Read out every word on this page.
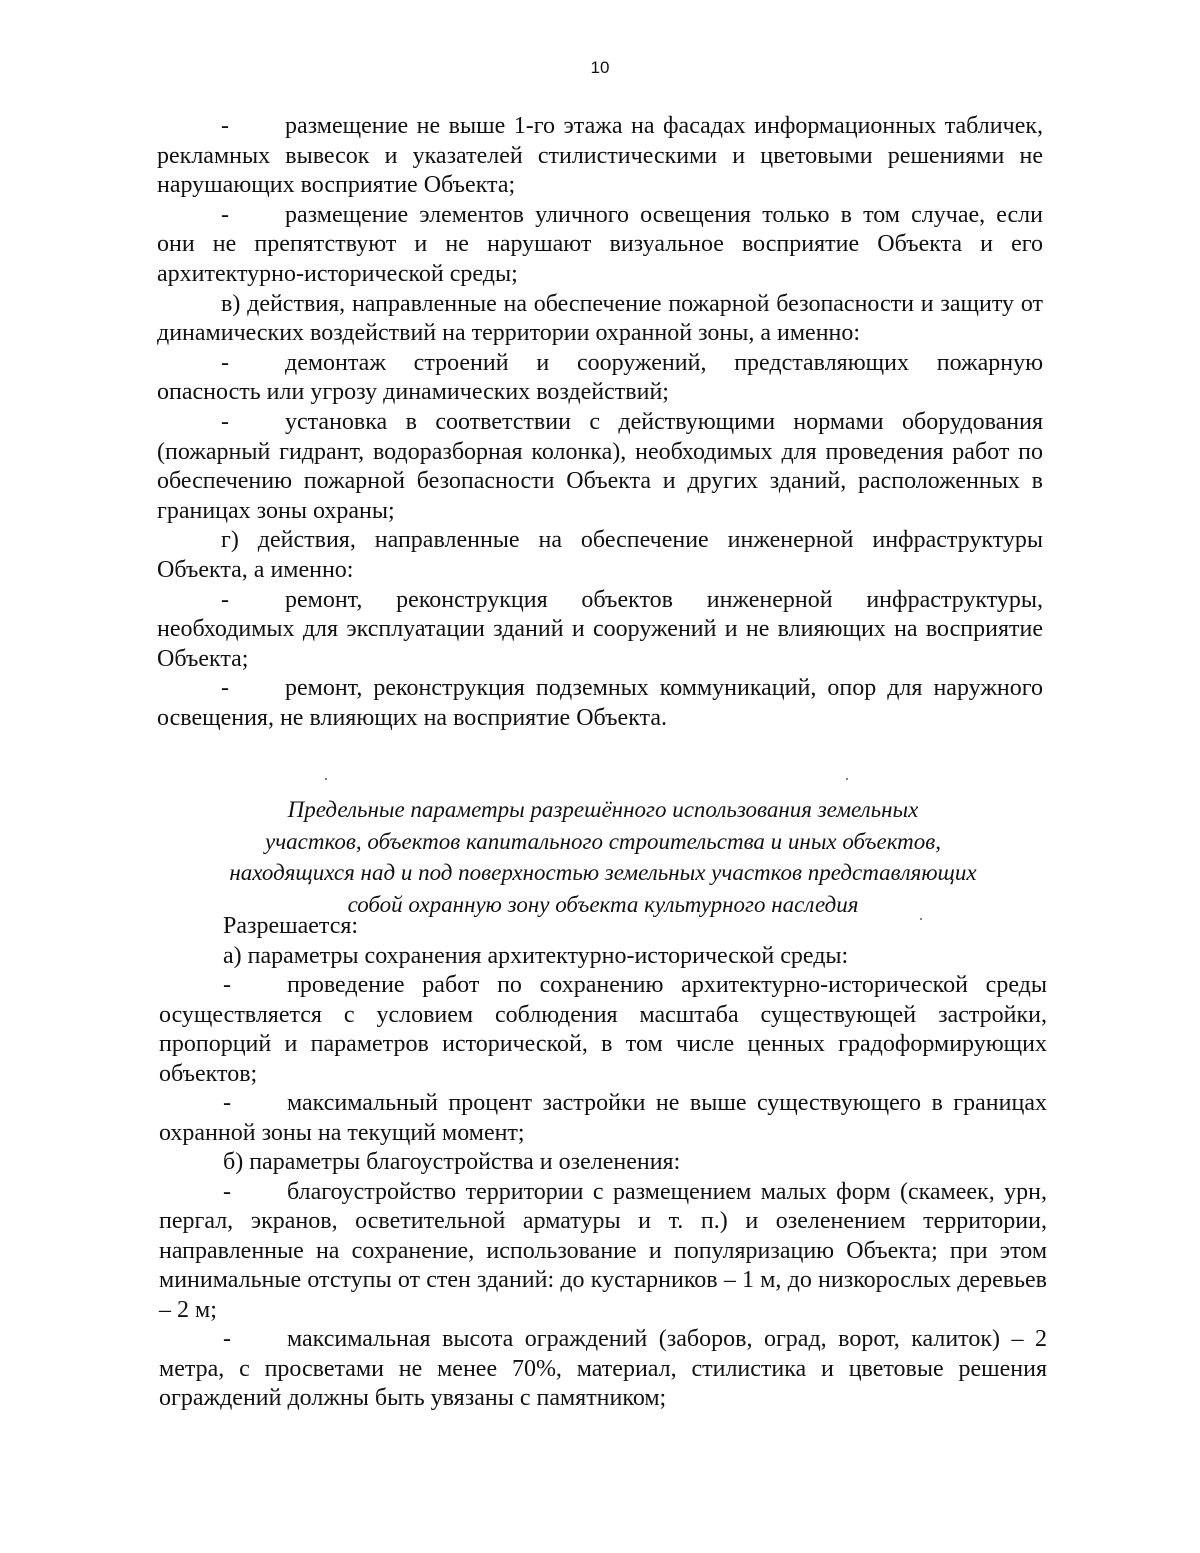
10

- размещение не выше 1-го этажа на фасадах информационных табличек, рекламных вывесок и указателей стилистическими и цветовыми решениями не нарушающих восприятие Объекта;

- размещение элементов уличного освещения только в том случае, если они не препятствуют и не нарушают визуальное восприятие Объекта и его архитектурно-исторической среды;

в) действия, направленные на обеспечение пожарной безопасности и защиту от динамических воздействий на территории охранной зоны, а именно:

- демонтаж строений и сооружений, представляющих пожарную опасность или угрозу динамических воздействий;

- установка в соответствии с действующими нормами оборудования (пожарный гидрант, водоразборная колонка), необходимых для проведения работ по обеспечению пожарной безопасности Объекта и других зданий, расположенных в границах зоны охраны;

г) действия, направленные на обеспечение инженерной инфраструктуры Объекта, а именно:

- ремонт, реконструкция объектов инженерной инфраструктуры, необходимых для эксплуатации зданий и сооружений и не влияющих на восприятие Объекта;

- ремонт, реконструкция подземных коммуникаций, опор для наружного освещения, не влияющих на восприятие Объекта.

Предельные параметры разрешённого использования земельных
участков, объектов капитального строительства и иных объектов,
находящихся над и под поверхностью земельных участков представляющих
собой охранную зону объекта культурного наследия

Разрешается:

а) параметры сохранения архитектурно-исторической среды:

- проведение работ по сохранению архитектурно-исторической среды осуществляется с условием соблюдения масштаба существующей застройки, пропорций и параметров исторической, в том числе ценных градоформирующих объектов;

- максимальный процент застройки не выше существующего в границах охранной зоны на текущий момент;

б) параметры благоустройства и озеленения:

- благоустройство территории с размещением малых форм (скамеек, урн, пергал, экранов, осветительной арматуры и т. п.) и озеленением территории, направленные на сохранение, использование и популяризацию Объекта; при этом минимальные отступы от стен зданий: до кустарников – 1 м, до низкорослых деревьев – 2 м;

- максимальная высота ограждений (заборов, оград, ворот, калиток) – 2 метра, с просветами не менее 70%, материал, стилистика и цветовые решения ограждений должны быть увязаны с памятником;
